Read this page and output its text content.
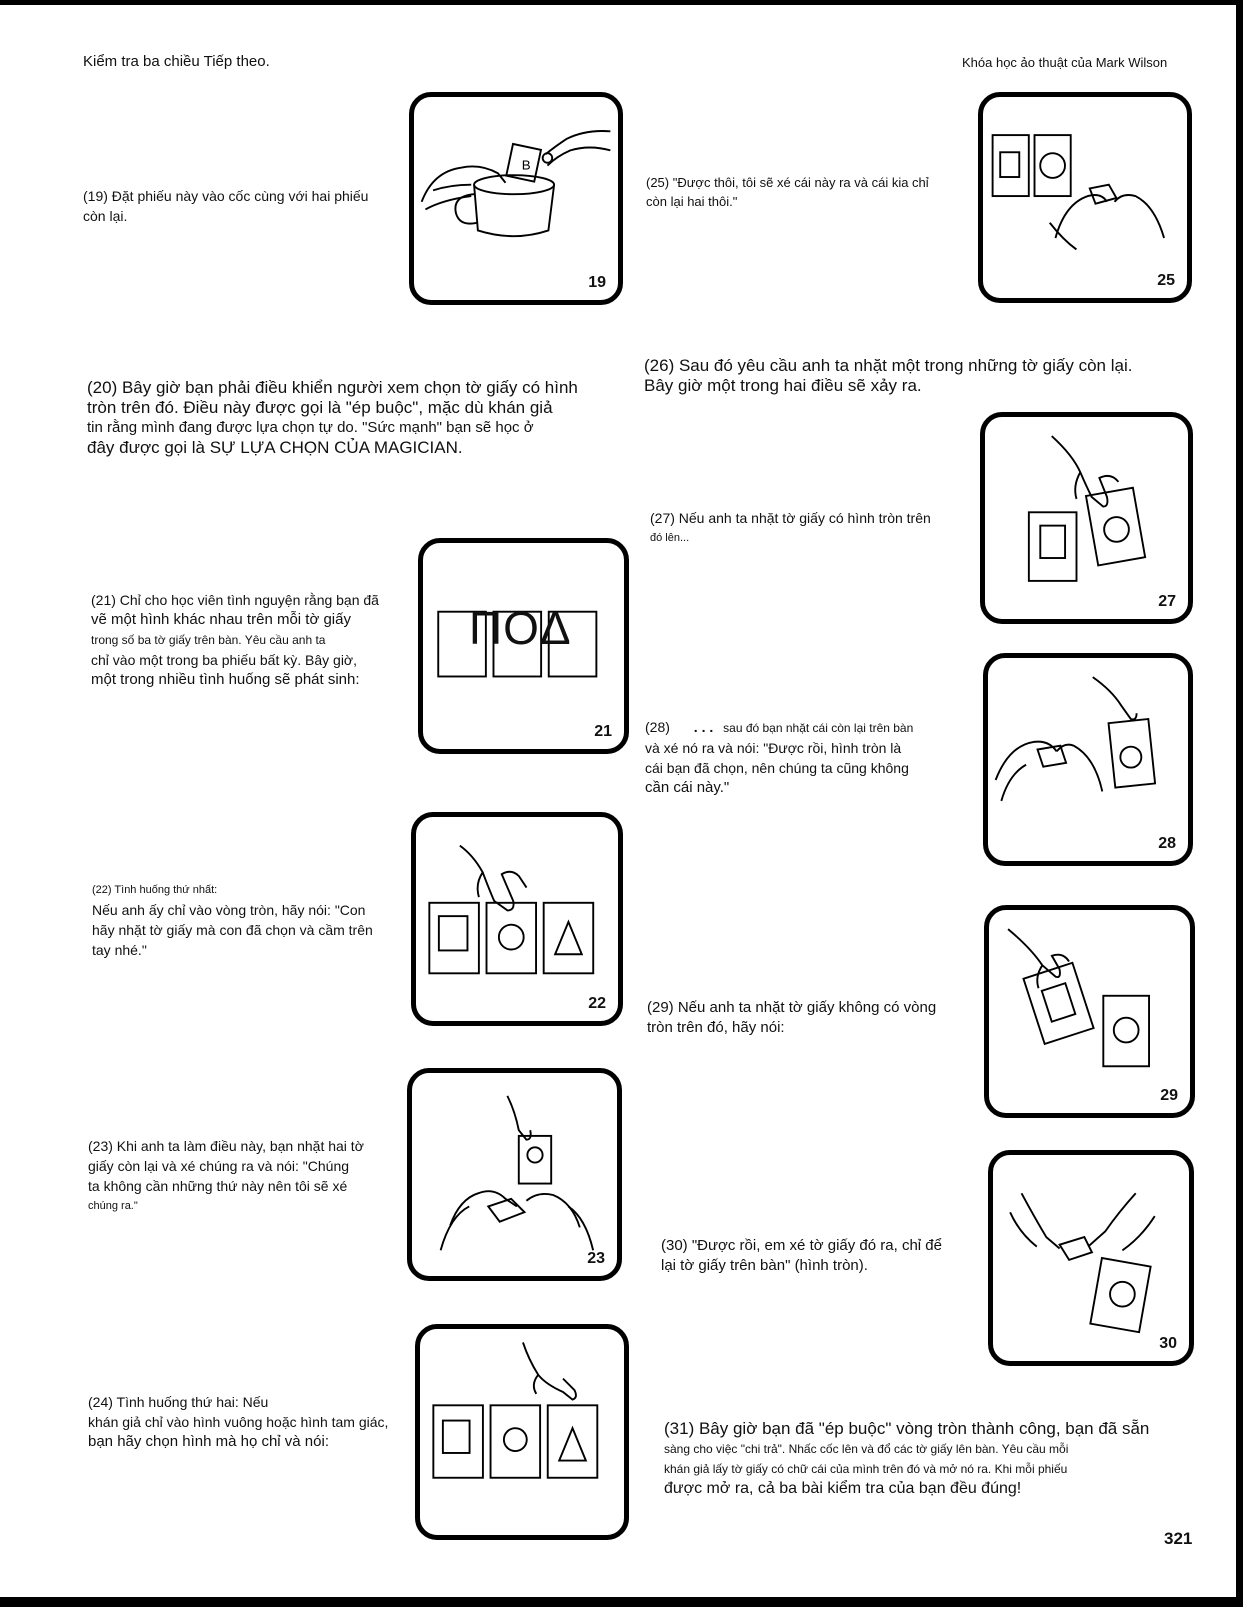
Kiểm tra ba chiều Tiếp theo.	Khóa học ảo thuật của Mark Wilson
(19) Đặt phiếu này vào cốc cùng với hai phiếu
còn lại.
B
19
(20) Bây giờ bạn phải điều khiển người xem chọn tờ giấy có hình
tròn trên đó. Điều này được gọi là "ép buộc", mặc dù khán giả
tin rằng mình đang được lựa chọn tự do. "Sức mạnh" bạn sẽ học ở
đây được gọi là SỰ LỰA CHỌN CỦA MAGICIAN.
(21) Chỉ cho học viên tình nguyện rằng bạn đã
vẽ một hình khác nhau trên mỗi tờ giấy
trong số ba tờ giấy trên bàn. Yêu cầu anh ta
chỉ vào một trong ba phiếu bất kỳ. Bây giờ,
một trong nhiều tình huống sẽ phát sinh:
ПОΔ
21
(22) Tình huống thứ nhất:
Nếu anh ấy chỉ vào vòng tròn, hãy nói: "Con
hãy nhặt tờ giấy mà con đã chọn và cầm trên
tay nhé."
22
(23) Khi anh ta làm điều này, bạn nhặt hai tờ
giấy còn lại và xé chúng ra và nói: "Chúng
ta không cần những thứ này nên tôi sẽ xé
chúng ra."
23
(24) Tình huống thứ hai: Nếu
khán giả chỉ vào hình vuông hoặc hình tam giác,
bạn hãy chọn hình mà họ chỉ và nói:
(25) "Được thôi, tôi sẽ xé cái này ra và cái kia chỉ
còn lại hai thôi."
25
(26) Sau đó yêu cầu anh ta nhặt một trong những tờ giấy còn lại.
Bây giờ một trong hai điều sẽ xảy ra.
(27) Nếu anh ta nhặt tờ giấy có hình tròn trên
đó lên...
27
(28) . . . sau đó bạn nhặt cái còn lại trên bàn
và xé nó ra và nói: "Được rồi, hình tròn là
cái bạn đã chọn, nên chúng ta cũng không
cần cái này."
28
(29) Nếu anh ta nhặt tờ giấy không có vòng
tròn trên đó, hãy nói:
29
(30) "Được rồi, em xé tờ giấy đó ra, chỉ để
lại tờ giấy trên bàn" (hình tròn).
30
(31) Bây giờ bạn đã "ép buộc" vòng tròn thành công, bạn đã sẵn
sàng cho việc "chi trả". Nhấc cốc lên và đổ các tờ giấy lên bàn. Yêu cầu mỗi
khán giả lấy tờ giấy có chữ cái của mình trên đó và mở nó ra. Khi mỗi phiếu
được mở ra, cả ba bài kiểm tra của bạn đều đúng!
321
